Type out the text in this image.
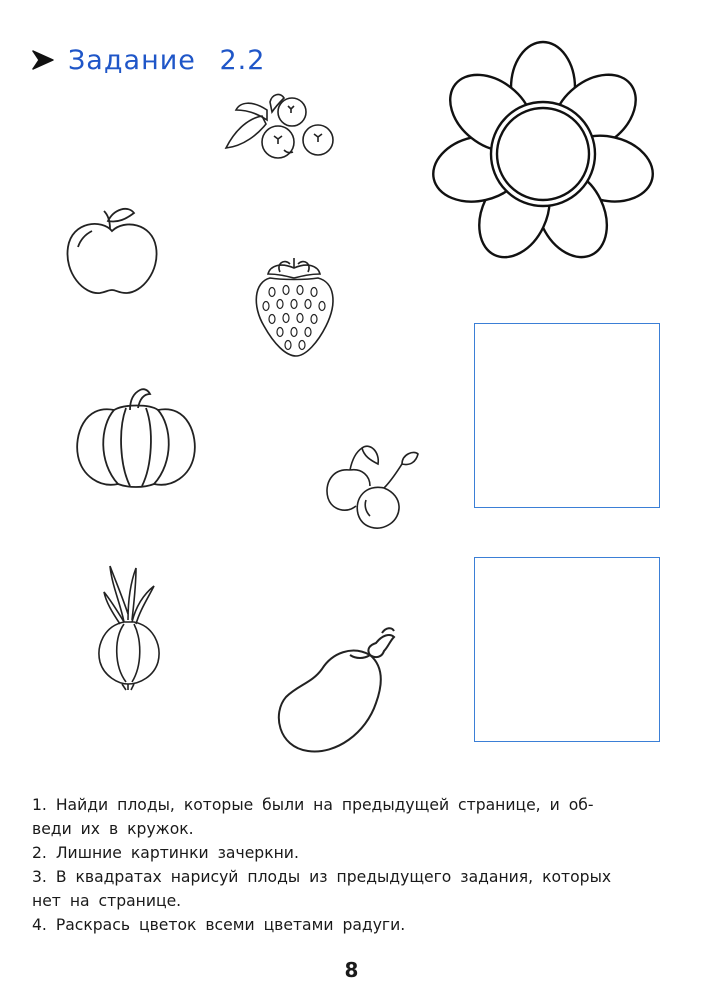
Задание 2.2
1. Найди плоды, которые были на предыдущей странице, и об-
веди их в кружок.
2. Лишние картинки зачеркни.
3. В квадратах нарисуй плоды из предыдущего задания, которых
нет на странице.
4. Раскрась цветок всеми цветами радуги.
8
